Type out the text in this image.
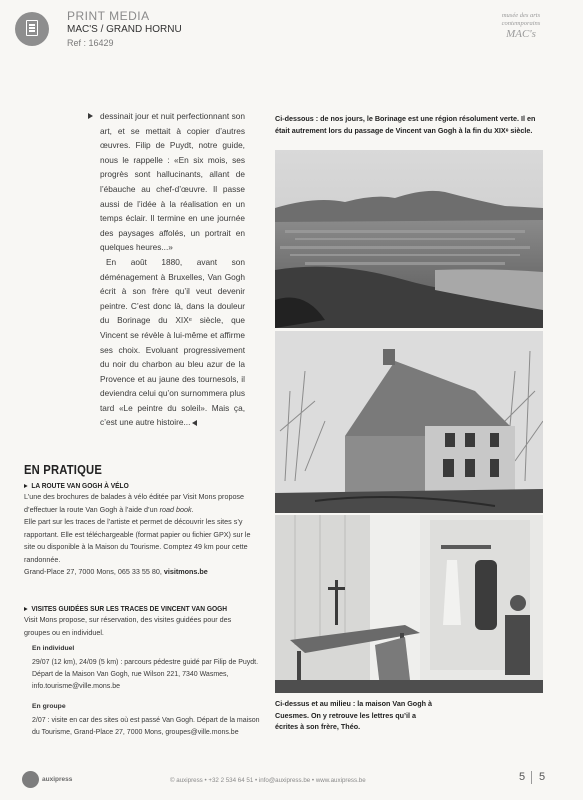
PRINT MEDIA
MAC'S / GRAND HORNU
Ref : 16429
musée des arts
contemporains
MAC's

dessinait jour et nuit perfectionnant son art, et se mettait à copier d’autres œuvres. Filip de Puydt, notre guide, nous le rappelle : «En six mois, ses progrès sont hallucinants, allant de l’ébauche au chef-d’œuvre. Il passe aussi de l’idée à la réalisation en un temps éclair. Il termine en une journée des paysages affolés, un portrait en quelques heures...»

En août 1880, avant son déménagement à Bruxelles, Van Gogh écrit à son frère qu’il veut devenir peintre. C’est donc là, dans la douleur du Borinage du XIXᵉ siècle, que Vincent se révèle à lui-même et affirme ses choix. Evoluant progressivement du noir du charbon au bleu azur de la Provence et au jaune des tournesols, il deviendra celui qu’on surnommera plus tard «Le peintre du soleil». Mais ça, c’est une autre histoire...

Ci-dessous : de nos jours, le Borinage est une région résolument verte. Il en était autrement lors du passage de Vincent van Gogh à la fin du XIXᵉ siècle.
Ci-dessus et au milieu : la maison Van Gogh à Cuesmes. On y retrouve les lettres qu’il a écrites à son frère, Théo.
EN PRATIQUE
LA ROUTE VAN GOGH À VÉLO

L’une des brochures de balades à vélo éditée par Visit Mons propose d’effectuer la route Van Gogh à l’aide d’un road book.

Elle part sur les traces de l’artiste et permet de découvrir les sites s’y rapportant. Elle est téléchargeable (format papier ou fichier GPX) sur le site ou disponible à la Maison du Tourisme. Comptez 49 km pour cette randonnée.

Grand-Place 27, 7000 Mons, 065 33 55 80, visitmons.be

VISITES GUIDÉES SUR LES TRACES DE VINCENT VAN GOGH
Visit Mons propose, sur réservation, des visites guidées pour des groupes ou en individuel.
En individuel
29/07 (12 km), 24/09 (5 km) : parcours pédestre guidé par Filip de Puydt. Départ de la Maison Van Gogh, rue Wilson 221, 7340 Wasmes, info.tourisme@ville.mons.be
En groupe
2/07 : visite en car des sites où est passé Van Gogh. Départ de la maison du Tourisme, Grand-Place 27, 7000 Mons, groupes@ville.mons.be
auxipress	© auxipress • +32 2 534 64 51 • info@auxipress.be • www.auxipress.be	5 5
